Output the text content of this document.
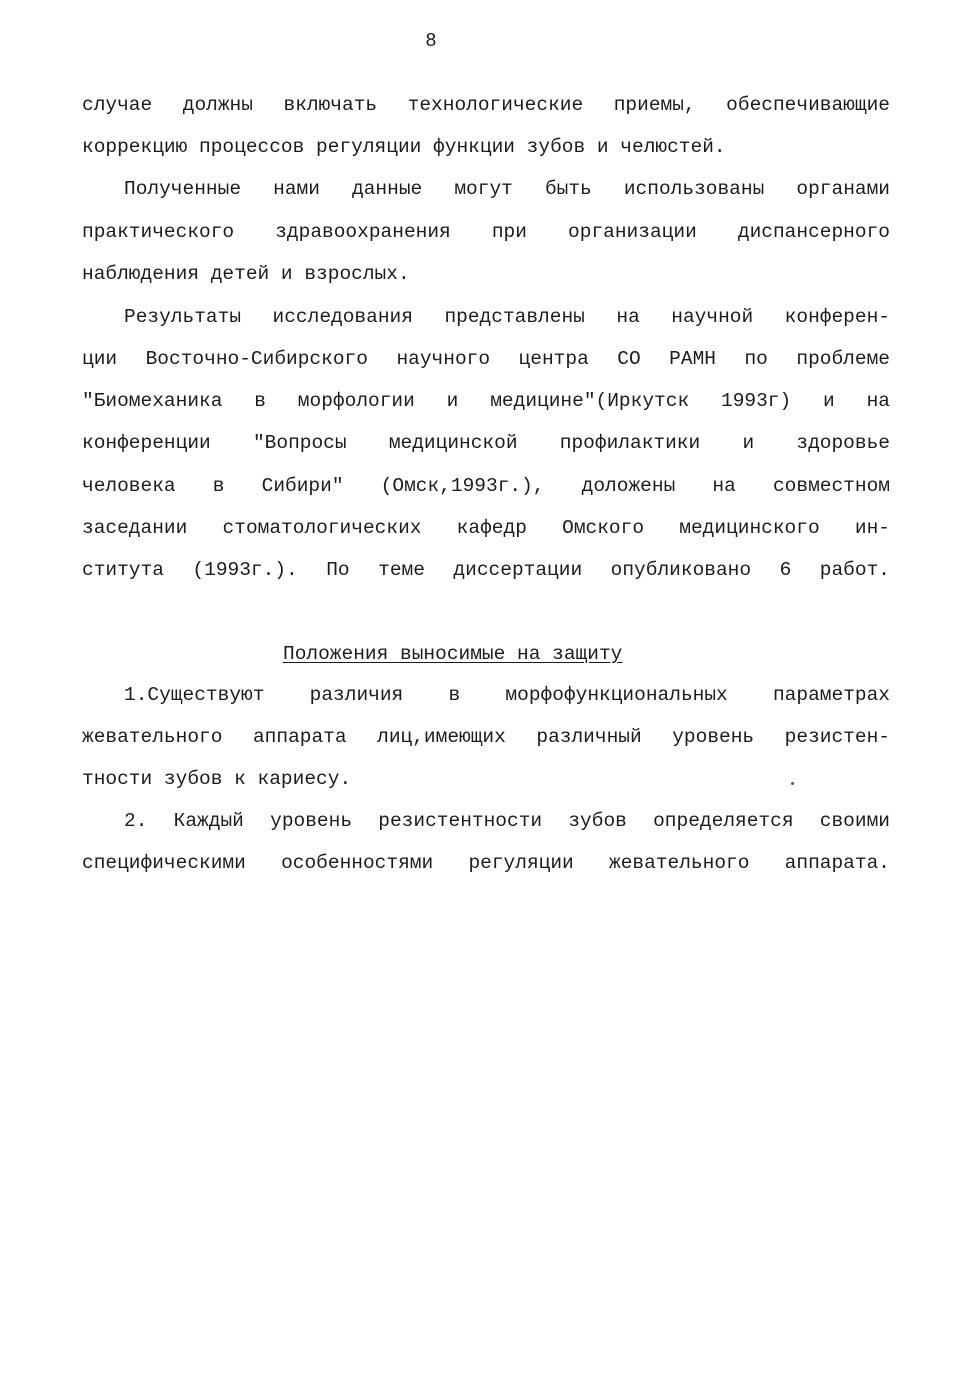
8
случае должны включать технологические приемы, обеспечивающие
коррекцию процессов регуляции функции зубов и челюстей.
Полученные нами данные могут быть использованы органами
практического здравоохранения при организации диспансерного
наблюдения детей и взрослых.
Результаты исследования представлены на научной конферен-
ции Восточно-Сибирского научного центра СО РАМН по проблеме
"Биомеханика в морфологии и медицине"(Иркутск 1993г) и на
конференции "Вопросы медицинской профилактики и здоровье
человека в Сибири" (Омск,1993г.), доложены на совместном
заседании стоматологических кафедр Омского медицинского ин-
ститута (1993г.). По теме диссертации опубликовано 6 работ.
Положения выносимые на защиту
1.Существуют различия в морфофункциональных параметрах
жевательного аппарата лиц,имеющих различный уровень резистен-
тности зубов к кариесу.
2. Каждый уровень резистентности зубов определяется своими
специфическими особенностями регуляции жевательного аппарата.
